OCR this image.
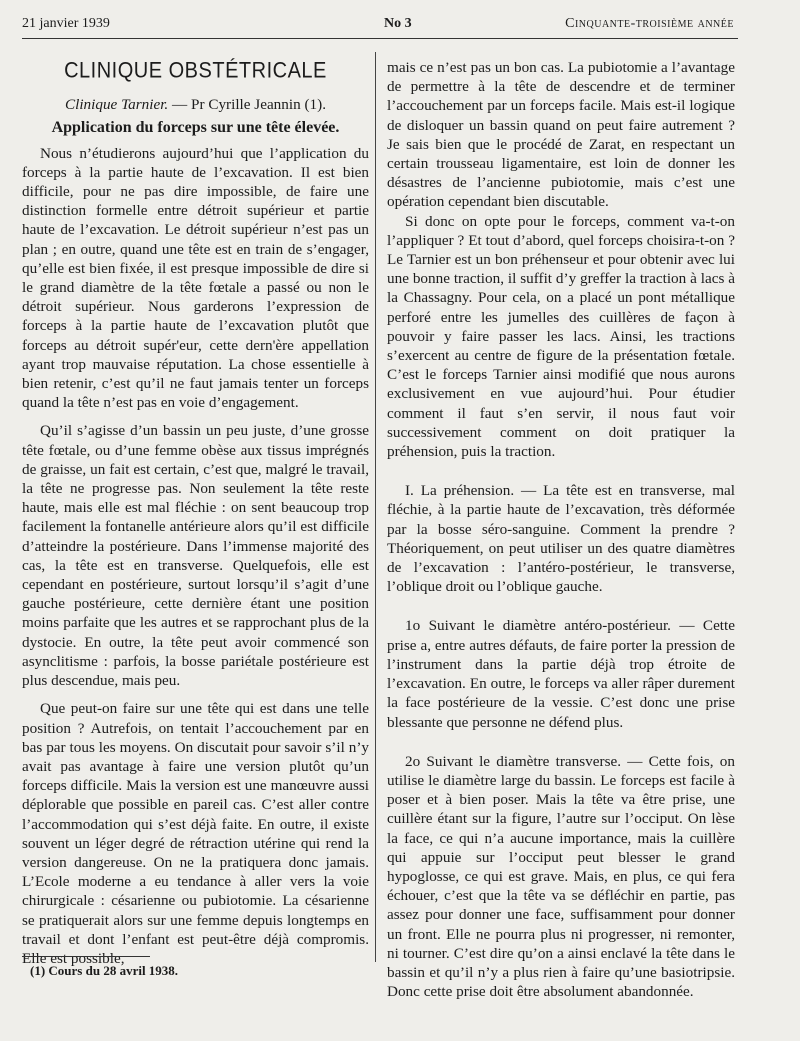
21 janvier 1939	No 3	Cinquante-troisième année

CLINIQUE OBSTÉTRICALE

Clinique Tarnier. — Pr Cyrille Jeannin (1).

Application du forceps sur une tête élevée.

Nous n’étudierons aujourd’hui que l’application du forceps à la partie haute de l’excavation. Il est bien difficile, pour ne pas dire impossible, de faire une distinction formelle entre détroit supérieur et partie haute de l’excavation. Le détroit supérieur n’est pas un plan ; en outre, quand une tête est en train de s’engager, qu’elle est bien fixée, il est presque impossible de dire si le grand diamètre de la tête fœtale a passé ou non le détroit supérieur. Nous garderons l’expression de forceps à la partie haute de l’excavation plutôt que forceps au détroit supér'eur, cette dern'ère appellation ayant trop mauvaise réputation. La chose essentielle à bien retenir, c’est qu’il ne faut jamais tenter un forceps quand la tête n’est pas en voie d’engagement.

Qu’il s’agisse d’un bassin un peu juste, d’une grosse tête fœtale, ou d’une femme obèse aux tissus imprégnés de graisse, un fait est certain, c’est que, malgré le travail, la tête ne progresse pas. Non seulement la tête reste haute, mais elle est mal fléchie : on sent beaucoup trop facilement la fontanelle antérieure alors qu’il est difficile d’atteindre la postérieure. Dans l’immense majorité des cas, la tête est en transverse. Quelquefois, elle est cependant en postérieure, surtout lorsqu’il s’agit d’une gauche postérieure, cette dernière étant une position moins parfaite que les autres et se rapprochant plus de la dystocie. En outre, la tête peut avoir commencé son asynclitisme : parfois, la bosse pariétale postérieure est plus descendue, mais peu.

Que peut-on faire sur une tête qui est dans une telle position ? Autrefois, on tentait l’accouchement par en bas par tous les moyens. On discutait pour savoir s’il n’y avait pas avantage à faire une version plutôt qu’un forceps difficile. Mais la version est une manœuvre aussi déplorable que possible en pareil cas. C’est aller contre l’accommodation qui s’est déjà faite. En outre, il existe souvent un léger degré de rétraction utérine qui rend la version dangereuse. On ne la pratiquera donc jamais. L’Ecole moderne a eu tendance à aller vers la voie chirurgicale : césarienne ou pubiotomie. La césarienne se pratiquerait alors sur une femme depuis longtemps en travail et dont l’enfant est peut-être déjà compromis. Elle est possible,

mais ce n’est pas un bon cas. La pubiotomie a l’avantage de permettre à la tête de descendre et de terminer l’accouchement par un forceps facile. Mais est-il logique de disloquer un bassin quand on peut faire autrement ? Je sais bien que le procédé de Zarat, en respectant un certain trousseau ligamentaire, est loin de donner les désastres de l’ancienne pubiotomie, mais c’est une opération cependant bien discutable.

Si donc on opte pour le forceps, comment va-t-on l’appliquer ? Et tout d’abord, quel forceps choisira-t-on ? Le Tarnier est un bon préhenseur et pour obtenir avec lui une bonne traction, il suffit d’y greffer la traction à lacs à la Chassagny. Pour cela, on a placé un pont métallique perforé entre les jumelles des cuillères de façon à pouvoir y faire passer les lacs. Ainsi, les tractions s’exercent au centre de figure de la présentation fœtale. C’est le forceps Tarnier ainsi modifié que nous aurons exclusivement en vue aujourd’hui. Pour étudier comment il faut s’en servir, il nous faut voir successivement comment on doit pratiquer la préhension, puis la traction.

I. La préhension. — La tête est en transverse, mal fléchie, à la partie haute de l’excavation, très déformée par la bosse séro-sanguine. Comment la prendre ? Théoriquement, on peut utiliser un des quatre diamètres de l’excavation : l’antéro-postérieur, le transverse, l’oblique droit ou l’oblique gauche.

1o Suivant le diamètre antéro-postérieur. — Cette prise a, entre autres défauts, de faire porter la pression de l’instrument dans la partie déjà trop étroite de l’excavation. En outre, le forceps va aller râper durement la face postérieure de la vessie. C’est donc une prise blessante que personne ne défend plus.

2o Suivant le diamètre transverse. — Cette fois, on utilise le diamètre large du bassin. Le forceps est facile à poser et à bien poser. Mais la tête va être prise, une cuillère étant sur la figure, l’autre sur l’occiput. On lèse la face, ce qui n’a aucune importance, mais la cuillère qui appuie sur l’occiput peut blesser le grand hypoglosse, ce qui est grave. Mais, en plus, ce qui fera échouer, c’est que la tête va se défléchir en partie, pas assez pour donner une face, suffisamment pour donner un front. Elle ne pourra plus ni progresser, ni remonter, ni tourner. C’est dire qu’on a ainsi enclavé la tête dans le bassin et qu’il n’y a plus rien à faire qu’une basiotripsie. Donc cette prise doit être absolument abandonnée.

(1) Cours du 28 avril 1938.
